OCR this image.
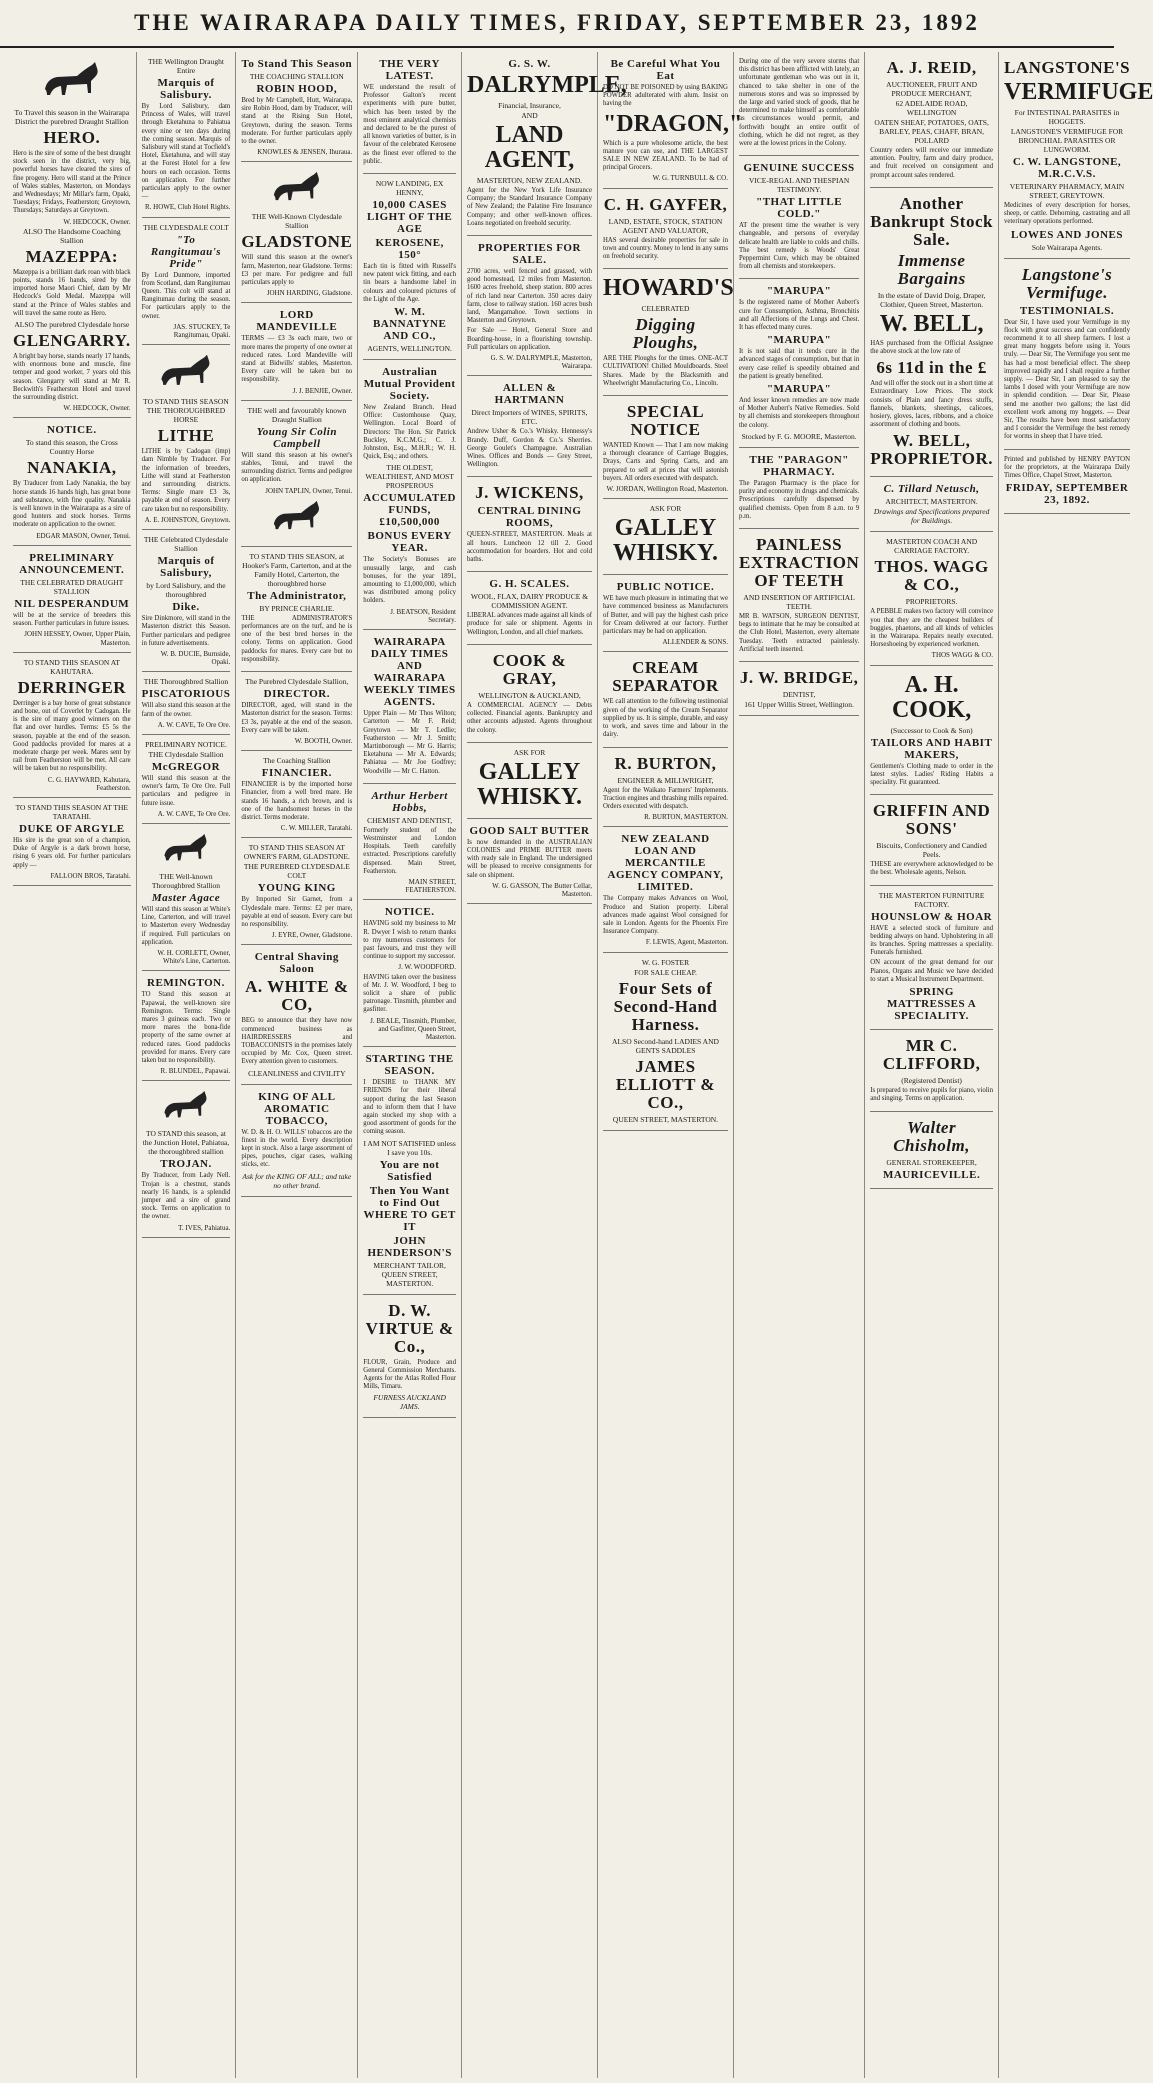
THE WAIRARAPA DAILY TIMES, FRIDAY, SEPTEMBER 23, 1892
To Travel this season in the Wairarapa District the purebred Draught Stallion
HERO.
Hero is the sire of some of the best draught stock seen in the district, very big, powerful horses have cleared the sires of fine progeny. Hero will stand at the Prince of Wales stables, Masterton, on Mondays and Wednesdays; Mr Millar's farm, Opaki, Tuesdays; Fridays, Featherston; Greytown, Thursdays; Saturdays at Greytown.
W. HEDCOCK, Owner.
ALSO The Handsome Coaching Stallion
MAZEPPA:
Mazeppa is a brilliant dark roan with black points, stands 16 hands, sired by the imported horse Maori Chief, dam by Mr Hedcock's Gold Medal. Mazeppa will stand at the Prince of Wales stables and will travel the same route as Hero.
ALSO The purebred Clydesdale horse
GLENGARRY.
A bright bay horse, stands nearly 17 hands, with enormous bone and muscle, fine temper and good worker, 7 years old this season. Glengarry will stand at Mr R. Beckwith's Featherston Hotel and travel the surrounding district.
W. HEDCOCK, Owner.
NOTICE.
To stand this season, the Cross Country Horse
NANAKIA,
By Traducer from Lady Nanakia, the bay horse stands 16 hands high, has great bone and substance, with fine quality. Nanakia is well known in the Wairarapa as a sire of good hunters and stock horses. Terms moderate on application to the owner.
EDGAR MASON, Owner, Tenui.
PRELIMINARY ANNOUNCEMENT.
THE CELEBRATED DRAUGHT STALLION
NIL DESPERANDUM
will be at the service of breeders this season. Further particulars in future issues.
JOHN HESSEY, Owner, Upper Plain, Masterton.
TO STAND THIS SEASON AT KAHUTARA.
DERRINGER
Derringer is a bay horse of great substance and bone, out of Coverlet by Cadogan. He is the sire of many good winners on the flat and over hurdles. Terms: £5 5s the season, payable at the end of the season. Good paddocks provided for mares at a moderate charge per week. Mares sent by rail from Featherston will be met. All care will be taken but no responsibility.
C. G. HAYWARD, Kahutara, Featherston.
TO STAND THIS SEASON AT THE TARATAHI.
DUKE OF ARGYLE
His sire is the great son of a champion, Duke of Argyle is a dark brown horse, rising 6 years old. For further particulars apply —
FALLOON BROS, Taratahi.
THE Wellington Draught Entire
Marquis of Salisbury.
By Lord Salisbury, dam Princess of Wales, will travel through Eketahuna to Pahiatua every nine or ten days during the coming season. Marquis of Salisbury will stand at Tocfield's Hotel, Eketahuna, and will stay at the Forest Hotel for a few hours on each occasion. Terms on application. For further particulars apply to the owner —
R. HOWE, Club Hotel Rights.
THE CLYDESDALE COLT
"To Rangitumau's Pride"
By Lord Dunmore, imported from Scotland, dam Rangitumau Queen. This colt will stand at Rangitumau during the season. For particulars apply to the owner.
JAS. STUCKEY, Te Rangitumau, Opaki.
TO STAND THIS SEASON THE THOROUGHBRED HORSE
LITHE
LITHE is by Cadogan (imp) dam Nimble by Traducer. For the information of breeders, Lithe will stand at Featherston and surrounding districts. Terms: Single mare £3 3s, payable at end of season. Every care taken but no responsibility.
A. E. JOHNSTON, Greytown.
THE Celebrated Clydesdale Stallion
Marquis of Salisbury,
by Lord Salisbury, and the thoroughbred
Dike.
Sire Dinkmore, will stand in the Masterton district this Season. Further particulars and pedigree in future advertisements.
W. B. DUCIE, Burnside, Opaki.
THE Thoroughbred Stallion
PISCATORIOUS
Will also stand this season at the farm of the owner.
A. W. CAVE, Te Ore Ore.
PRELIMINARY NOTICE.
THE Clydesdale Stallion
McGREGOR
Will stand this season at the owner's farm, Te Ore Ore. Full particulars and pedigree in future issue.
A. W. CAVE, Te Ore Ore.
THE Well-known Thoroughbred Stallion
Master Agace
Will stand this season at White's Line, Carterton, and will travel to Masterton every Wednesday if required. Full particulars on application.
W. H. CORLETT, Owner, White's Line, Carterton.
REMINGTON.
TO Stand this season at Papawai, the well-known sire Remington. Terms: Single mares 3 guineas each. Two or more mares the bona-fide property of the same owner at reduced rates. Good paddocks provided for mares. Every care taken but no responsibility.
R. BLUNDEL, Papawai.
TO STAND this season, at the Junction Hotel, Pahiatua, the thoroughbred stallion
TROJAN.
By Traducer, from Lady Nell. Trojan is a chestnut, stands nearly 16 hands, is a splendid jumper and a sire of grand stock. Terms on application to the owner.
T. IVES, Pahiatua.
To Stand This Season
THE COACHING STALLION
ROBIN HOOD,
Bred by Mr Campbell, Hutt, Wairarapa, sire Robin Hood, dam by Traducer, will stand at the Rising Sun Hotel, Greytown, during the season. Terms moderate. For further particulars apply to the owner.
KNOWLES & JENSEN, Ihuraua.
THE Well-Known Clydesdale Stallion
GLADSTONE
Will stand this season at the owner's farm, Masterton, near Gladstone. Terms: £3 per mare. For pedigree and full particulars apply to
JOHN HARDING, Gladstone.
LORD MANDEVILLE
TERMS — £3 3s each mare, two or more mares the property of one owner at reduced rates. Lord Mandeville will stand at Bidwills' stables, Masterton. Every care will be taken but no responsibility.
J. J. BENJIE, Owner.
THE well and favourably known Draught Stallion
Young Sir Colin Campbell
Will stand this season at his owner's stables, Tenui, and travel the surrounding district. Terms and pedigree on application.
JOHN TAPLIN, Owner, Tenui.
TO STAND THIS SEASON, at Hooker's Farm, Carterton, and at the Family Hotel, Carterton, the thoroughbred horse
The Administrator,
BY PRINCE CHARLIE.
THE ADMINISTRATOR'S performances are on the turf, and he is one of the best bred horses in the colony. Terms on application. Good paddocks for mares. Every care but no responsibility.
The Purebred Clydesdale Stallion,
DIRECTOR.
DIRECTOR, aged, will stand in the Masterton district for the season. Terms: £3 3s, payable at the end of the season. Every care will be taken.
W. BOOTH, Owner.
The Coaching Stallion
FINANCIER.
FINANCIER is by the imported horse Financier, from a well bred mare. He stands 16 hands, a rich brown, and is one of the handsomest horses in the district. Terms moderate.
C. W. MILLER, Taratahi.
TO STAND THIS SEASON AT OWNER'S FARM, GLADSTONE.
THE PUREBRED CLYDESDALE COLT
YOUNG KING
By Imported Sir Garnet, from a Clydesdale mare. Terms: £2 per mare, payable at end of season. Every care but no responsibility.
J. EYRE, Owner, Gladstone.
Central Shaving Saloon
A. WHITE & CO,
BEG to announce that they have now commenced business as HAIRDRESSERS and TOBACCONISTS in the premises lately occupied by Mr. Cox, Queen street. Every attention given to customers.
CLEANLINESS and CIVILITY
KING OF ALL AROMATIC TOBACCO,
W. D. & H. O. WILLS' tobaccos are the finest in the world. Every description kept in stock. Also a large assortment of pipes, pouches, cigar cases, walking sticks, etc.
Ask for the KING OF ALL; and take no other brand.
THE VERY LATEST.
WE understand the result of Professor Galton's recent experiments with pure butter, which has been tested by the most eminent analytical chemists and declared to be the purest of all known varieties of butter, is in favour of the celebrated Kerosene as the finest ever offered to the public.
NOW LANDING, EX HENNY,
10,000 CASES LIGHT OF THE AGE
KEROSENE, 150°
Each tin is fitted with Russell's new patent wick fitting, and each tin bears a handsome label in colours and coloured pictures of the Light of the Age.
W. M. BANNATYNE AND CO.,
AGENTS, WELLINGTON.
Australian Mutual Provident Society.
New Zealand Branch. Head Office: Customhouse Quay, Wellington. Local Board of Directors: The Hon. Sir Patrick Buckley, K.C.M.G.; C. J. Johnston, Esq., M.H.R.; W. H. Quick, Esq.; and others.
THE OLDEST, WEALTHIEST, AND MOST PROSPEROUS
ACCUMULATED FUNDS, £10,500,000
BONUS EVERY YEAR.
The Society's Bonuses are unusually large, and cash bonuses, for the year 1891, amounting to £1,000,000, which was distributed among policy holders.
J. BEATSON, Resident Secretary.
WAIRARAPA DAILY TIMES AND WAIRARAPA WEEKLY TIMES AGENTS.
Upper Plain — Mr Thos Wilton; Carterton — Mr F. Reid; Greytown — Mr T. Ledlie; Featherston — Mr J. Smith; Martinborough — Mr G. Harris; Eketahuna — Mr A. Edwards; Pahiatua — Mr Joe Godfrey; Woodville — Mr C. Hatton.
Arthur Herbert Hobbs,
CHEMIST AND DENTIST,
Formerly student of the Westminster and London Hospitals. Teeth carefully extracted. Prescriptions carefully dispensed. Main Street, Featherston.
MAIN STREET, FEATHERSTON.
NOTICE.
HAVING sold my business to Mr R. Dwyer I wish to return thanks to my numerous customers for past favours, and trust they will continue to support my successor.
J. W. WOODFORD.
HAVING taken over the business of Mr. J. W. Woodford, I beg to solicit a share of public patronage. Tinsmith, plumber and gasfitter.
J. BEALE, Tinsmith, Plumber, and Gasfitter, Queen Street, Masterton.
STARTING THE SEASON.
I DESIRE to THANK MY FRIENDS for their liberal support during the last Season and to inform them that I have again stocked my shop with a good assortment of goods for the coming season.
I AM NOT SATISFIED unless I save you 10s.
You are not Satisfied
Then You Want to Find Out WHERE TO GET IT
JOHN HENDERSON'S
MERCHANT TAILOR, QUEEN STREET, MASTERTON.
D. W. VIRTUE & Co.,
FLOUR, Grain, Produce and General Commission Merchants. Agents for the Atlas Rolled Flour Mills, Timaru.
FURNESS AUCKLAND JAMS.
G. S. W.
DALRYMPLE,
Financial, Insurance,
AND
LAND AGENT,
MASTERTON, NEW ZEALAND.
Agent for the New York Life Insurance Company; the Standard Insurance Company of New Zealand; the Palatine Fire Insurance Company; and other well-known offices. Loans negotiated on freehold security.
PROPERTIES FOR SALE.
2700 acres, well fenced and grassed, with good homestead, 12 miles from Masterton. 1600 acres freehold, sheep station. 800 acres of rich land near Carterton. 350 acres dairy farm, close to railway station. 160 acres bush land, Mangamahoe. Town sections in Masterton and Greytown.
For Sale — Hotel, General Store and Boarding-house, in a flourishing township. Full particulars on application.
G. S. W. DALRYMPLE, Masterton, Wairarapa.
ALLEN & HARTMANN
Direct Importers of WINES, SPIRITS, ETC.
Andrew Usher & Co.'s Whisky. Hennessy's Brandy. Duff, Gordon & Co.'s Sherries. George Goulet's Champagne. Australian Wines. Offices and Bonds — Grey Street, Wellington.
J. WICKENS,
CENTRAL DINING ROOMS,
QUEEN-STREET, MASTERTON. Meals at all hours. Luncheon 12 till 2. Good accommodation for boarders. Hot and cold baths.
G. H. SCALES.
WOOL, FLAX, DAIRY PRODUCE & COMMISSION AGENT.
LIBERAL advances made against all kinds of produce for sale or shipment. Agents in Wellington, London, and all chief markets.
COOK & GRAY,
WELLINGTON & AUCKLAND,
A COMMERCIAL AGENCY — Debts collected. Financial agents. Bankruptcy and other accounts adjusted. Agents throughout the colony.
ASK FOR
GALLEY WHISKY.
GOOD SALT BUTTER
Is now demanded in the AUSTRALIAN COLONIES and PRIME BUTTER meets with ready sale in England. The undersigned will be pleased to receive consignments for sale on shipment.
W. G. GASSON, The Butter Cellar, Masterton.
Be Careful What You Eat
DO NOT BE POISONED by using BAKING POWDER adulterated with alum. Insist on having the
"DRAGON,"
Which is a pure wholesome article, the best manure you can use, and THE LARGEST SALE IN NEW ZEALAND. To be had of principal Grocers.
W. G. TURNBULL & CO.
C. H. GAYFER,
LAND, ESTATE, STOCK, STATION AGENT AND VALUATOR,
HAS several desirable properties for sale in town and country. Money to lend in any sums on freehold security.
HOWARD'S
CELEBRATED
Digging Ploughs,
ARE THE Ploughs for the times. ONE-ACT CULTIVATION! Chilled Mouldboards. Steel Shares. Made by the Blacksmith and Wheelwright Manufacturing Co., Lincoln.
SPECIAL NOTICE
WANTED Known — That I am now making a thorough clearance of Carriage Buggies, Drays, Carts and Spring Carts, and am prepared to sell at prices that will astonish buyers. All orders executed with despatch.
W. JORDAN, Wellington Road, Masterton.
ASK FOR
GALLEY WHISKY.
PUBLIC NOTICE.
WE have much pleasure in intimating that we have commenced business as Manufacturers of Butter, and will pay the highest cash price for Cream delivered at our factory. Further particulars may be had on application.
ALLENDER & SONS.
CREAM SEPARATOR
WE call attention to the following testimonial given of the working of the Cream Separator supplied by us. It is simple, durable, and easy to work, and saves time and labour in the dairy.
R. BURTON,
ENGINEER & MILLWRIGHT,
Agent for the Waikato Farmers' Implements. Traction engines and thrashing mills repaired. Orders executed with despatch.
R. BURTON, MASTERTON.
NEW ZEALAND LOAN AND MERCANTILE AGENCY COMPANY, LIMITED.
The Company makes Advances on Wool, Produce and Station property. Liberal advances made against Wool consigned for sale in London. Agents for the Phoenix Fire Insurance Company.
F. LEWIS, Agent, Masterton.
W. G. FOSTER
FOR SALE CHEAP.
Four Sets of Second-Hand Harness.
ALSO Second-hand LADIES AND GENTS SADDLES
JAMES ELLIOTT & CO.,
QUEEN STREET, MASTERTON.
During one of the very severe storms that this district has been afflicted with lately, an unfortunate gentleman who was out in it, chanced to take shelter in one of the numerous stores and was so impressed by the large and varied stock of goods, that he determined to make himself as comfortable as circumstances would permit, and forthwith bought an entire outfit of clothing, which he did not regret, as they were at the lowest prices in the Colony.
GENUINE SUCCESS
VICE-REGAL AND THESPIAN TESTIMONY.
"THAT LITTLE COLD."
AT the present time the weather is very changeable, and persons of everyday delicate health are liable to colds and chills. The best remedy is Woods' Great Peppermint Cure, which may be obtained from all chemists and storekeepers.
"MARUPA"
Is the registered name of Mother Aubert's cure for Consumption, Asthma, Bronchitis and all Affections of the Lungs and Chest. It has effected many cures.
"MARUPA"
It is not said that it tends cure in the advanced stages of consumption, but that in every case relief is speedily obtained and the patient is greatly benefited.
"MARUPA"
And lesser known remedies are now made of Mother Aubert's Native Remedies. Sold by all chemists and storekeepers throughout the colony.
Stocked by F. G. MOORE, Masterton.
THE "PARAGON" PHARMACY.
The Paragon Pharmacy is the place for purity and economy in drugs and chemicals. Prescriptions carefully dispensed by qualified chemists. Open from 8 a.m. to 9 p.m.
PAINLESS EXTRACTION OF TEETH
AND INSERTION OF ARTIFICIAL TEETH.
MR B. WATSON, SURGEON DENTIST, begs to intimate that he may be consulted at the Club Hotel, Masterton, every alternate Tuesday. Teeth extracted painlessly. Artificial teeth inserted.
J. W. BRIDGE,
DENTIST,
161 Upper Willis Street, Wellington.
A. J. REID,
AUCTIONEER, FRUIT AND PRODUCE MERCHANT,
62 ADELAIDE ROAD, WELLINGTON
OATEN SHEAF, POTATOES, OATS, BARLEY, PEAS, CHAFF, BRAN, POLLARD
Country orders will receive our immediate attention. Poultry, farm and dairy produce, and fruit received on consignment and prompt account sales rendered.
Another Bankrupt Stock Sale.
Immense Bargains
In the estate of David Doig, Draper, Clothier, Queen Street, Masterton.
W. BELL,
HAS purchased from the Official Assignee the above stock at the low rate of
6s 11d in the £
And will offer the stock out in a short time at Extraordinary Low Prices. The stock consists of Plain and fancy dress stuffs, flannels, blankets, sheetings, calicoes, hosiery, gloves, laces, ribbons, and a choice assortment of clothing and boots.
W. BELL, PROPRIETOR.
C. Tillard Netusch,
ARCHITECT, MASTERTON.
Drawings and Specifications prepared for Buildings.
MASTERTON COACH AND CARRIAGE FACTORY.
THOS. WAGG & CO.,
PROPRIETORS.
A PEBBLE makes two factory will convince you that they are the cheapest builders of buggies, phaetons, and all kinds of vehicles in the Wairarapa. Repairs neatly executed. Horseshoeing by experienced workmen.
THOS WAGG & CO.
A. H. COOK,
(Successor to Cook & Son)
TAILORS AND HABIT MAKERS,
Gentlemen's Clothing made to order in the latest styles. Ladies' Riding Habits a speciality. Fit guaranteed.
GRIFFIN AND SONS'
Biscuits, Confectionery and Candied Peels.
THESE are everywhere acknowledged to be the best. Wholesale agents, Nelson.
THE MASTERTON FURNITURE FACTORY.
HOUNSLOW & HOAR
HAVE a selected stock of furniture and bedding always on hand. Upholstering in all its branches. Spring mattresses a speciality. Funerals furnished.
ON account of the great demand for our Pianos, Organs and Music we have decided to start a Musical Instrument Department.
SPRING MATTRESSES A SPECIALITY.
MR C. CLIFFORD,
(Registered Dentist)
Is prepared to receive pupils for piano, violin and singing. Terms on application.
Walter Chisholm,
GENERAL STOREKEEPER,
MAURICEVILLE.
LANGSTONE'S
VERMIFUGE
For INTESTINAL PARASITES in HOGGETS.
LANGSTONE'S VERMIFUGE FOR BRONCHIAL PARASITES OR LUNGWORM.
C. W. LANGSTONE, M.R.C.V.S.
VETERINARY PHARMACY, MAIN STREET, GREYTOWN.
Medicines of every description for horses, sheep, or cattle. Dehorning, castrating and all veterinary operations performed.
LOWES AND JONES
Sole Wairarapa Agents.
Langstone's Vermifuge.
TESTIMONIALS.
Dear Sir, I have used your Vermifuge in my flock with great success and can confidently recommend it to all sheep farmers. I lost a great many hoggets before using it. Yours truly. — Dear Sir, The Vermifuge you sent me has had a most beneficial effect. The sheep improved rapidly and I shall require a further supply. — Dear Sir, I am pleased to say the lambs I dosed with your Vermifuge are now in splendid condition. — Dear Sir, Please send me another two gallons; the last did excellent work among my hoggets. — Dear Sir, The results have been most satisfactory and I consider the Vermifuge the best remedy for worms in sheep that I have tried.
Printed and published by HENRY PAYTON for the proprietors, at the Wairarapa Daily Times Office, Chapel Street, Masterton.
FRIDAY, SEPTEMBER 23, 1892.
